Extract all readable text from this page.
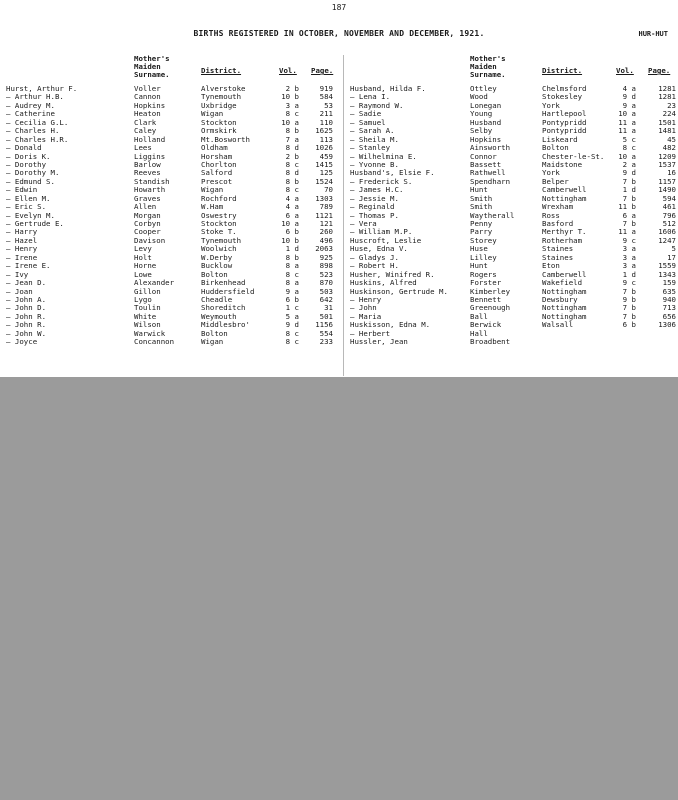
187
BIRTHS REGISTERED IN OCTOBER, NOVEMBER AND DECEMBER, 1921.	HUR-HUT
Mother's
Maiden
Surname.	District.	Vol. Page.
Hurst, Arthur F.	Voller	Alverstoke	2 b	919
— Arthur H.B.	Cannon	Tynemouth	10 b	584
— Audrey M.	Hopkins	Uxbridge	3 a	53
— Catherine	Heaton	Wigan	8 c	211
— Cecilia G.L.	Clark	Stockton	10 a	110
— Charles H.	Caley	Ormskirk	8 b	1625
— Charles H.R.	Holland	Mt.Bosworth	7 a	113
— Donald	Lees	Oldham	8 d	1026
— Doris K.	Liggins	Horsham	2 b	459
— Dorothy	Barlow	Chorlton	8 c	1415
— Dorothy M.	Reeves	Salford	8 d	125
— Edmund S.	Standish	Prescot	8 b	1524
— Edwin	Howarth	Wigan	8 c	70
— Ellen M.	Graves	Rochford	4 a	1303
— Eric S.	Allen	W.Ham	4 a	789
— Evelyn M.	Morgan	Oswestry	6 a	1121
— Gertrude E.	Corbyn	Stockton	10 a	121
— Harry	Cooper	Stoke T.	6 b	260
— Hazel	Davison	Tynemouth	10 b	496
— Henry	Levy	Woolwich	1 d	2063
— Irene	Holt	W.Derby	8 b	925
— Irene E.	Horne	Bucklow	8 a	898
— Ivy	Lowe	Bolton	8 c	523
— Jean D.	Alexander	Birkenhead	8 a	870
— Joan	Gillon	Huddersfield	9 a	503
— John A.	Lygo	Cheadle	6 b	642
— John D.	Toulin	Shoreditch	1 c	31
— John R.	White	Weymouth	5 a	501
— John R.	Wilson	Middlesbro'	9 d	1156
— John W.	Warwick	Bolton	8 c	554
— Joyce	Concannon	Wigan	8 c	233
Mother's
Maiden
Surname.	District.	Vol. Page.
Husband, Hilda F.	Ottley	Chelmsford	4 a	1281
— Lena I.	Wood	Stokesley	9 d	1281
— Raymond W.	Lonegan	York	9 a	23
— Sadie	Young	Hartlepool	10 a	224
— Samuel	Husband	Pontypridd	11 a	1501
— Sarah A.	Selby	Pontypridd	11 a	1481
— Sheila M.	Hopkins	Liskeard	5 c	45
— Stanley	Ainsworth	Bolton	8 c	482
— Wilhelmina E.	Connor	Chester-le-St.	10 a	1209
— Yvonne B.	Bassett	Maidstone	2 a	1537
Husband's, Elsie F.	Rathwell	York	9 d	16
— Frederick S.	Spendharn	Belper	7 b	1157
— James H.C.	Hunt	Camberwell	1 d	1490
— Jessie M.	Smith	Nottingham	7 b	594
— Reginald	Smith	Wrexham	11 b	461
— Thomas P.	Waytherall	Ross	6 a	796
— Vera	Penny	Basford	7 b	512
— William M.P.	Parry	Merthyr T.	11 a	1606
Huscroft, Leslie	Storey	Rotherham	9 c	1247
Huse, Edna V.	Huse	Staines	3 a	5
— Gladys J.	Lilley	Staines	3 a	17
— Robert H.	Hunt	Eton	3 a	1559
Husher, Winifred R.	Rogers	Camberwell	1 d	1343
Huskins, Alfred	Forster	Wakefield	9 c	159
Huskinson, Gertrude M.	Kimberley	Nottingham	7 b	635
— Henry	Bennett	Dewsbury	9 b	940
— John	Greenough	Nottingham	7 b	713
— Maria	Ball	Nottingham	7 b	656
Huskisson, Edna M.	Berwick	Walsall	6 b	1306
— Herbert	Hall
Hussler, Jean	Broadbent
